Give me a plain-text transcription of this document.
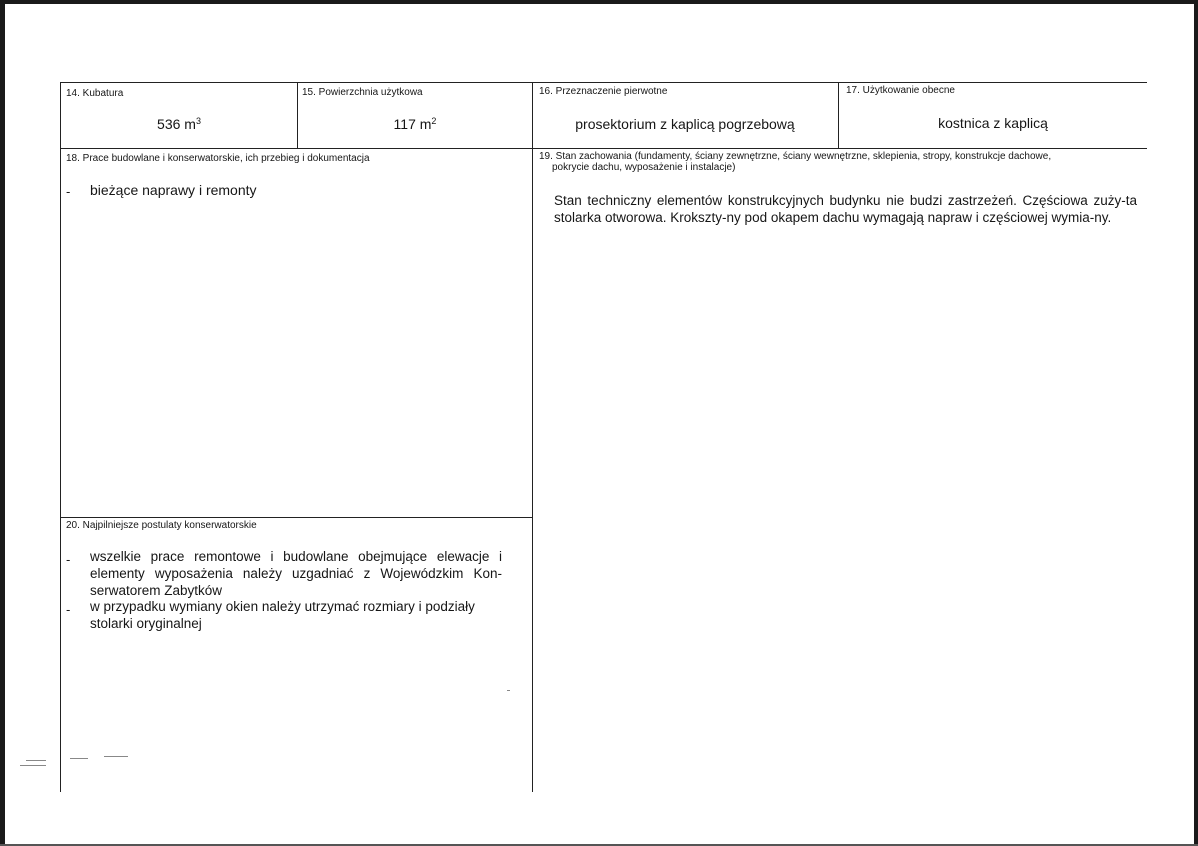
14. Kubatura
536 $m^3$
15. Powierzchnia użytkowa
117 $m^2$
16. Przeznaczenie pierwotne
prosektorium z kaplicą pogrzebową
17. Użytkowanie obecne
kostnica z kaplicą
18. Prace budowlane i konserwatorskie, ich przebieg i dokumentacja
- bieżące naprawy i remonty
19. Stan zachowania (fundamenty, ściany zewnętrzne, ściany wewnętrzne, sklepienia, stropy, konstrukcje dachowe,
pokrycie dachu, wyposażenie i instalacje)
Stan techniczny elementów konstrukcyjnych budynku nie budzi zastrzeżeń. Częściowa zuży-ta stolarka otworowa. Krokszty-ny pod okapem dachu wymagają napraw i częściowej wymia-ny.
20. Najpilniejsze postulaty konserwatorskie
- wszelkie prace remontowe i budowlane obejmujące elewacje i elementy wyposażenia należy uzgadniać z Wojewódzkim Kon-serwatorem Zabytków
- w przypadku wymiany okien należy utrzymać rozmiary i podziały stolarki oryginalnej
